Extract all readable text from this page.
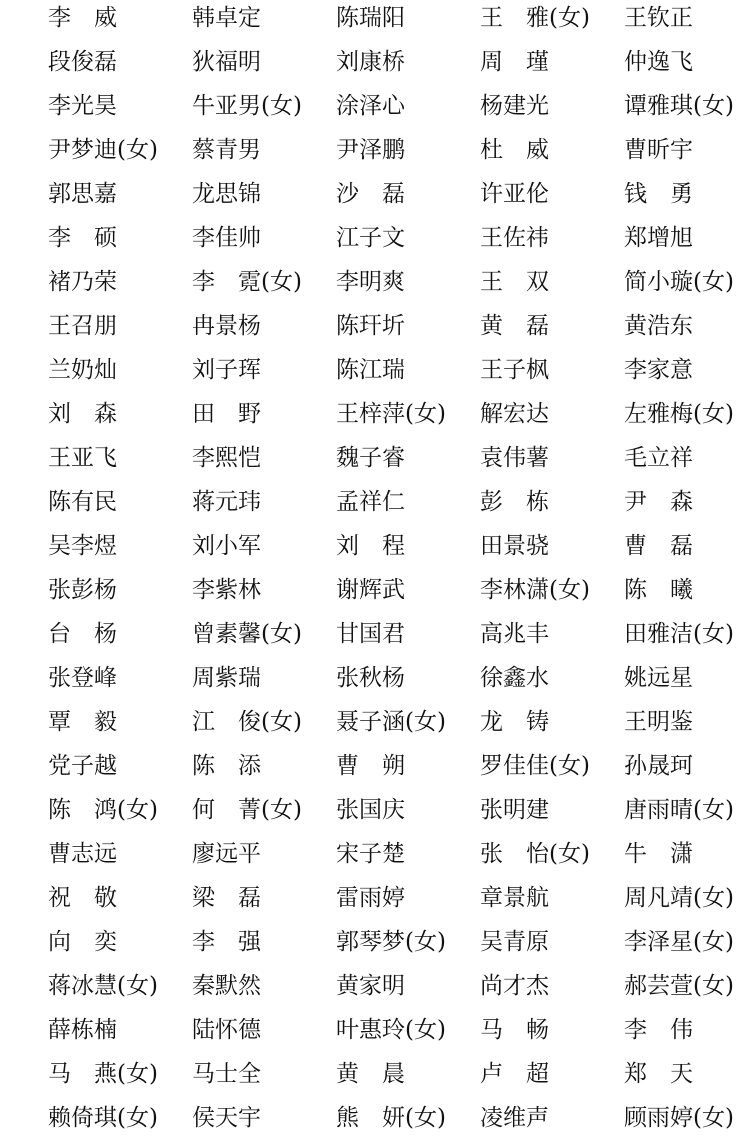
李　威	韩卓定	陈瑞阳	王　雅(女) 王钦正
段俊磊	狄福明	刘康桥	周　瑾	仲逸飞
李光昊	牛亚男(女) 涂泽心	杨建光	谭雅琪(女)
尹梦迪(女) 蔡青男	尹泽鹏	杜　威	曹昕宇
郭思嘉	龙思锦	沙　磊	许亚伦	钱　勇
李　硕	李佳帅	江子文	王佐祎	郑增旭
褚乃荣	李　霓(女) 李明爽	王　双	简小璇(女)
王召朋	冉景杨	陈玕圻	黄　磊	黄浩东
兰奶灿	刘子珲	陈江瑞	王子枫	李家意
刘　森	田　野	王梓萍(女) 解宏达	左雅梅(女)
王亚飞	李熙恺	魏子睿	袁伟薯	毛立祥
陈有民	蒋元玮	孟祥仁	彭　栋	尹　森
吴李煜	刘小军	刘　程	田景骁	曹　磊
张彭杨	李紫林	谢辉武	李林潇(女) 陈　曦
台　杨	曾素馨(女) 甘国君	高兆丰	田雅洁(女)
张登峰	周紫瑞	张秋杨	徐鑫水	姚远星
覃　毅	江　俊(女) 聂子涵(女) 龙　铸	王明鉴
党子越	陈　添	曹　朔	罗佳佳(女) 孙晟珂
陈　鸿(女) 何　菁(女) 张国庆	张明建	唐雨晴(女)
曹志远	廖远平	宋子楚	张　怡(女) 牛　潇
祝　敬	梁　磊	雷雨婷	章景航	周凡靖(女)
向　奕	李　强	郭琴梦(女) 吴青原	李泽星(女)
蒋冰慧(女) 秦默然	黄家明	尚才杰	郝芸萱(女)
薛栋楠	陆怀德	叶惠玲(女) 马　畅	李　伟
马　燕(女) 马士全	黄　晨	卢　超	郑　天
赖倚琪(女) 侯天宇	熊　妍(女) 凌维声	顾雨婷(女)
